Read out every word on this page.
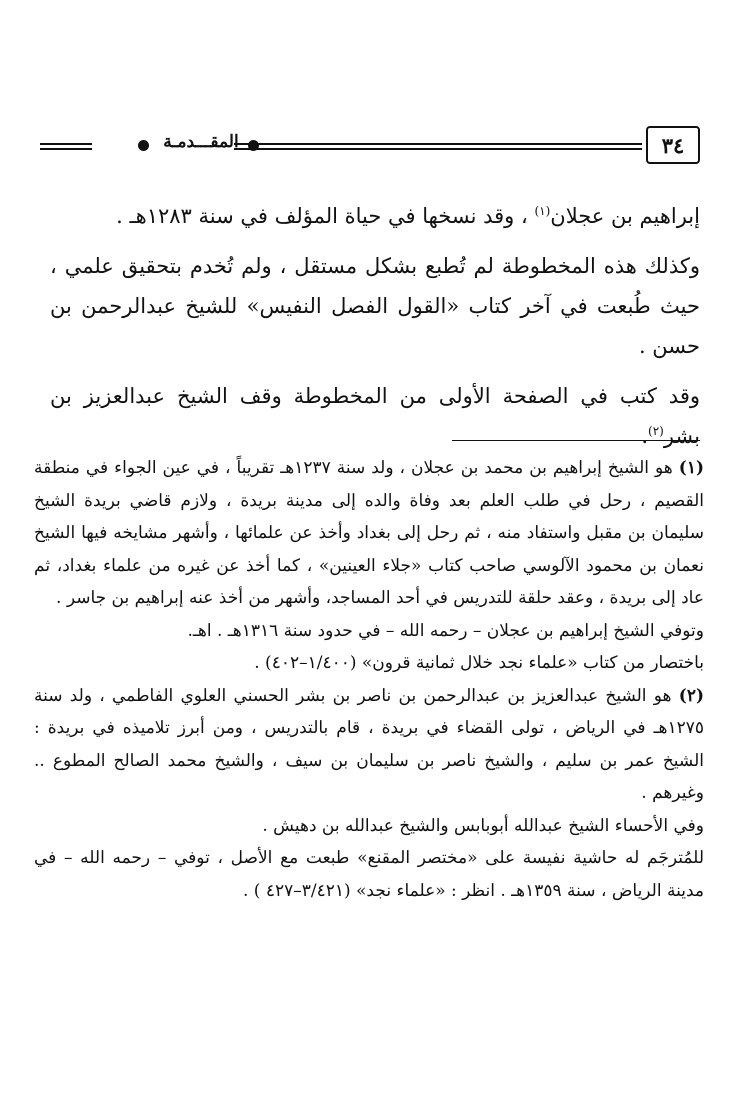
٣٤
المقـــدمـة

إبراهيم بن عجلان$^{(١)}$ ، وقد نسخها في حياة المؤلف في سنة ١٢٨٣هـ .

وكذلك هذه المخطوطة لم تُطبع بشكل مستقل ، ولم تُخدم بتحقيق علمي ، حيث طُبعت في آخر كتاب «القول الفصل النفيس» للشيخ عبدالرحمن بن حسن .

وقد كتب في الصفحة الأولى من المخطوطة وقف الشيخ عبدالعزيز بن بشر$^{(٢)}$.

(١) هو الشيخ إبراهيم بن محمد بن عجلان ، ولد سنة ١٢٣٧هـ تقريباً ، في عين الجواء في منطقة القصيم ، رحل في طلب العلم بعد وفاة والده إلى مدينة بريدة ، ولازم قاضي بريدة الشيخ سليمان بن مقبل واستفاد منه ، ثم رحل إلى بغداد وأخذ عن علمائها ، وأشهر مشايخه فيها الشيخ نعمان بن محمود الآلوسي صاحب كتاب «جلاء العينين» ، كما أخذ عن غيره من علماء بغداد، ثم عاد إلى بريدة ، وعقد حلقة للتدريس في أحد المساجد، وأشهر من أخذ عنه إبراهيم بن جاسر .

وتوفي الشيخ إبراهيم بن عجلان – رحمه الله – في حدود سنة ١٣١٦هـ . اهـ.

باختصار من كتاب «علماء نجد خلال ثمانية قرون» (١/٤٠٠–٤٠٢) .

(٢) هو الشيخ عبدالعزيز بن عبدالرحمن بن ناصر بن بشر الحسني العلوي الفاطمي ، ولد سنة ١٢٧٥هـ في الرياض ، تولى القضاء في بريدة ، قام بالتدريس ، ومن أبرز تلاميذه في بريدة : الشيخ عمر بن سليم ، والشيخ ناصر بن سليمان بن سيف ، والشيخ محمد الصالح المطوع .. وغيرهم .

وفي الأحساء الشيخ عبدالله أبوبابس والشيخ عبدالله بن دهيش .

للمُترجَم له حاشية نفيسة على «مختصر المقنع» طبعت مع الأصل ، توفي – رحمه الله – في مدينة الرياض ، سنة ١٣٥٩هـ . انظر : «علماء نجد» (٣/٤٢١–٤٢٧ ) .
